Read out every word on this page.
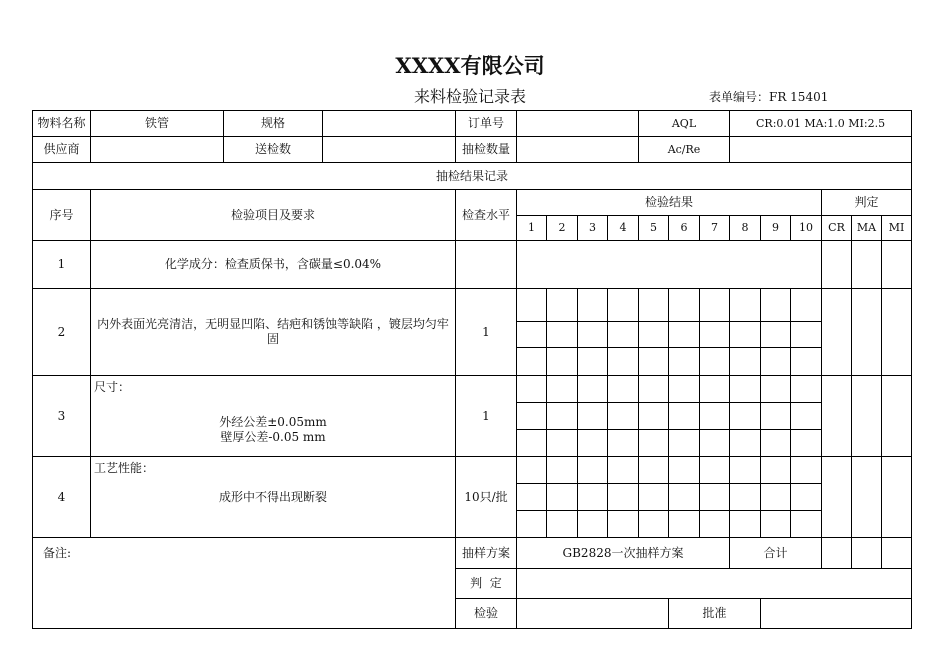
XXXX有限公司
来料检验记录表	表单编号：FR 15401
物料名称	铁管	规格		订单号					AQL			CR:0.01 MA:1.0 MI:2.5					
供应商		送检数		抽检数量					Ac/Re								
抽检结果记录																	
序号	检验项目及要求			检查水平	检验结果										判定		
					1	2	3	4	5	6	7	8	9	10	CR	MA	MI
1	化学成分：检查质保书，含碳量≤0.04%																
2	内外表面光亮清洁，无明显凹陷、结疤和锈蚀等缺陷 ，镀层均匀牢固			1													

3	尺寸：
外经公差±0.05mm
壁厚公差-0.05 mm			1													

4	工艺性能：
成形中不得出现断裂			10只/批													

备注:				抽样方案	GB2828一次抽样方案							合计					
				判  定													
				检验						批准							
